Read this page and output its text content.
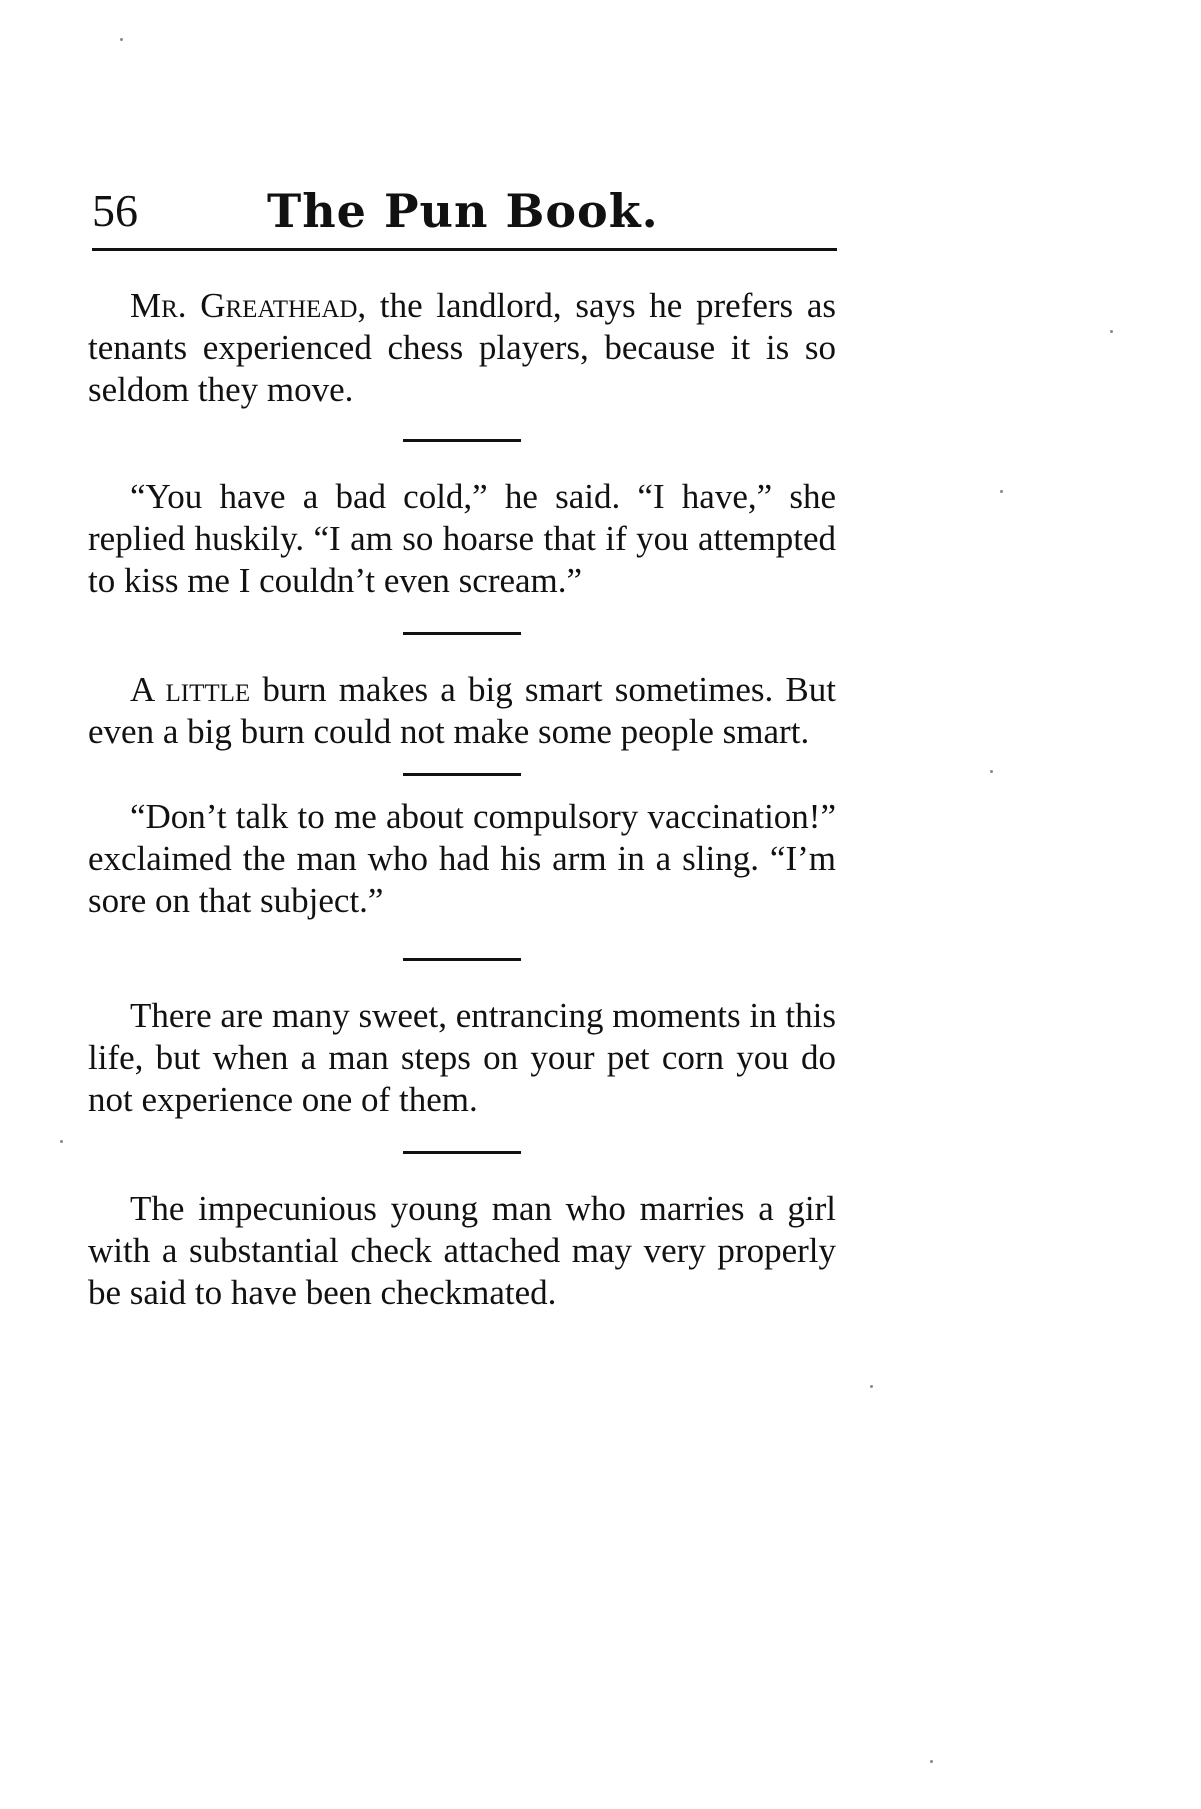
56	The Pun Book.

Mr. Greathead, the landlord, says he prefers as tenants experienced chess players, because it is so seldom they move.

“You have a bad cold,” he said. “I have,” she replied huskily. “I am so hoarse that if you attempted to kiss me I couldn’t even scream.”

A little burn makes a big smart sometimes. But even a big burn could not make some people smart.

“Don’t talk to me about compulsory vaccination!” exclaimed the man who had his arm in a sling. “I’m sore on that subject.”

There are many sweet, entrancing moments in this life, but when a man steps on your pet corn you do not experience one of them.

The impecunious young man who marries a girl with a substantial check attached may very properly be said to have been checkmated.
